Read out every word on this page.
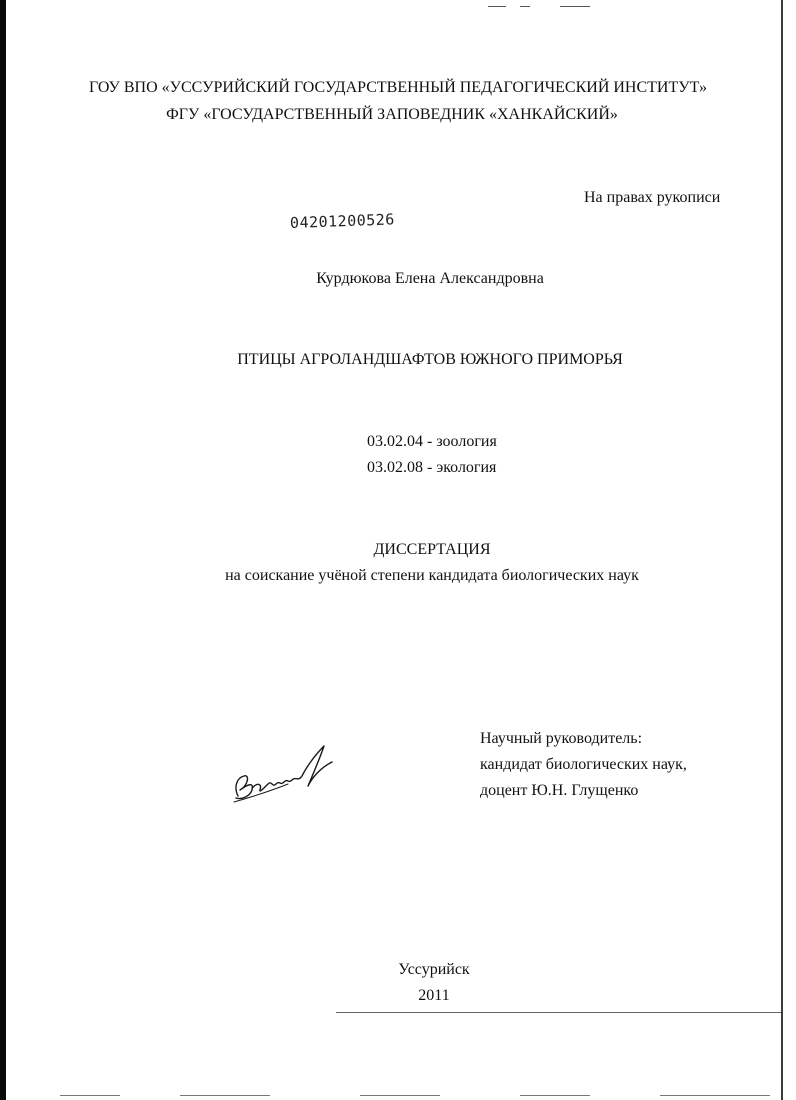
ГОУ ВПО «УССУРИЙСКИЙ ГОСУДАРСТВЕННЫЙ ПЕДАГОГИЧЕСКИЙ ИНСТИТУТ»
ФГУ «ГОСУДАРСТВЕННЫЙ ЗАПОВЕДНИК «ХАНКАЙСКИЙ»
На правах рукописи
04201200526
Курдюкова Елена Александровна
ПТИЦЫ АГРОЛАНДШАФТОВ ЮЖНОГО ПРИМОРЬЯ
03.02.04 - зоология
03.02.08 - экология
ДИССЕРТАЦИЯ
на соискание учёной степени кандидата биологических наук
Научный руководитель:
кандидат биологических наук,
доцент Ю.Н. Глущенко
Уссурийск
2011
